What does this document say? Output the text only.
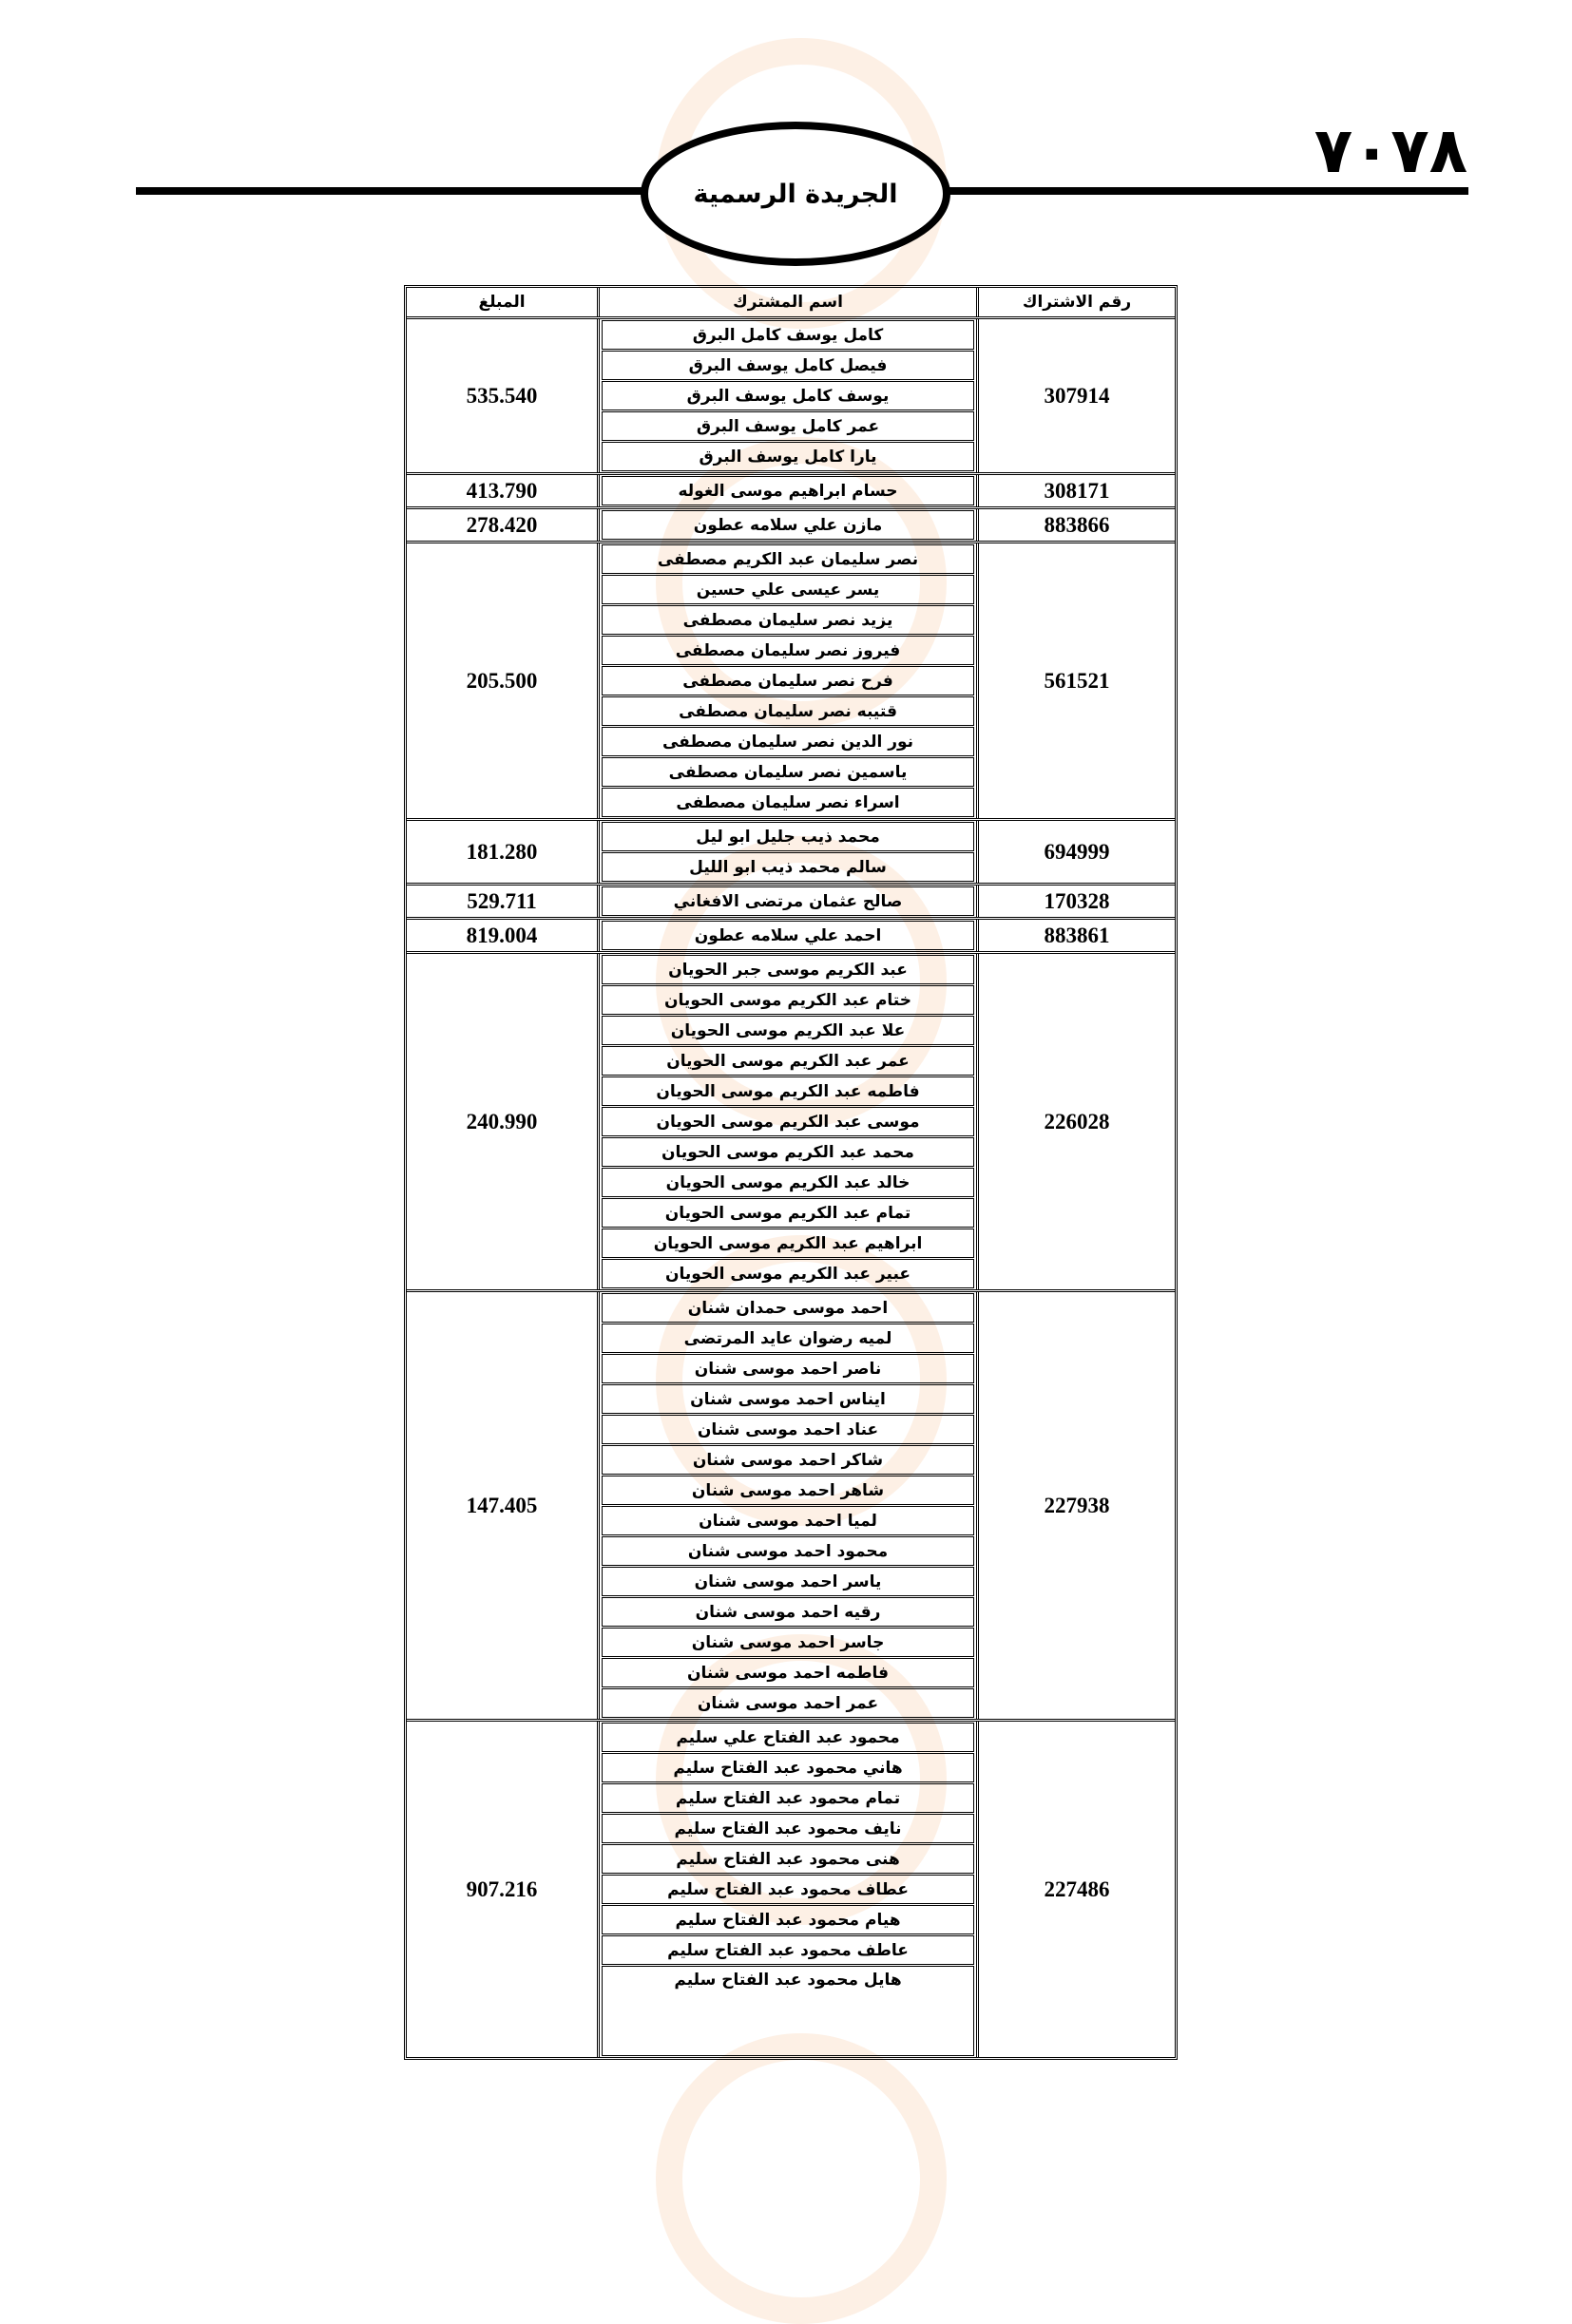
الجريدة الرسمية
٧٠٧٨
رقم الاشتراك
اسم المشترك
المبلغ
307914
كامل يوسف كامل البرق
فيصل كامل يوسف البرق
يوسف كامل يوسف البرق
عمر كامل يوسف البرق
يارا كامل يوسف البرق
535.540
308171
حسام ابراهيم موسى الغوله
413.790
883866
مازن علي سلامه عطون
278.420
561521
نصر سليمان عبد الكريم مصطفى
يسر عيسى علي حسين
يزيد نصر سليمان مصطفى
فيروز نصر سليمان مصطفى
فرح نصر سليمان مصطفى
قتيبه نصر سليمان مصطفى
نور الدين نصر سليمان مصطفى
ياسمين نصر سليمان مصطفى
اسراء نصر سليمان مصطفى
205.500
694999
محمد ذيب جليل ابو ليل
سالم محمد ذيب ابو الليل
181.280
170328
صالح عثمان مرتضى الافغاني
529.711
883861
احمد علي سلامه عطون
819.004
226028
عبد الكريم موسى جبر الحويان
ختام عبد الكريم موسى الحويان
علا عبد الكريم موسى الحويان
عمر عبد الكريم موسى الحويان
فاطمه عبد الكريم موسى الحويان
موسى عبد الكريم موسى الحويان
محمد عبد الكريم موسى الحويان
خالد عبد الكريم موسى الحويان
تمام عبد الكريم موسى الحويان
ابراهيم عبد الكريم موسى الحويان
عبير عبد الكريم موسى الحويان
240.990
227938
احمد موسى حمدان شنان
لميه رضوان عايد المرتضى
ناصر احمد موسى شنان
ايناس احمد موسى شنان
عناد احمد موسى شنان
شاكر احمد موسى شنان
شاهر احمد موسى شنان
لميا احمد موسى شنان
محمود احمد موسى شنان
ياسر احمد موسى شنان
رقيه احمد موسى شنان
جاسر احمد موسى شنان
فاطمه احمد موسى شنان
عمر احمد موسى شنان
147.405
227486
محمود عبد الفتاح علي سليم
هاني محمود عبد الفتاح سليم
تمام محمود عبد الفتاح سليم
نايف محمود عبد الفتاح سليم
هنى محمود عبد الفتاح سليم
عطاف محمود عبد الفتاح سليم
هيام محمود عبد الفتاح سليم
عاطف محمود عبد الفتاح سليم
هايل محمود عبد الفتاح سليم
907.216
